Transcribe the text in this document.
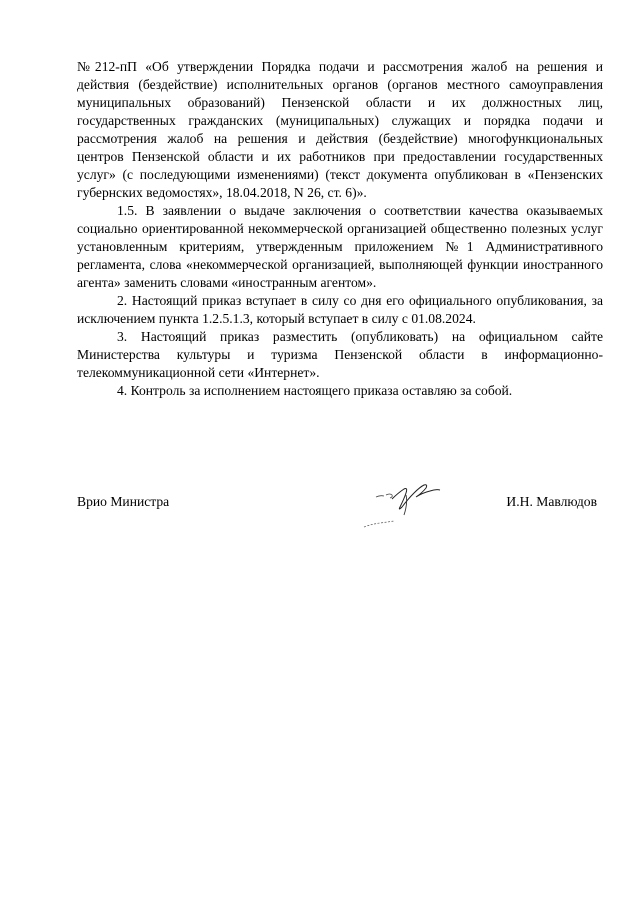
№212-пП «Об утверждении Порядка подачи и рассмотрения жалоб на решения и действия (бездействие) исполнительных органов (органов местного самоуправления муниципальных образований) Пензенской области и их должностных лиц, государственных гражданских (муниципальных) служащих и порядка подачи и рассмотрения жалоб на решения и действия (бездействие) многофункциональных центров Пензенской области и их работников при предоставлении государственных услуг» (с последующими изменениями) (текст документа опубликован в «Пензенских губернских ведомостях», 18.04.2018, N 26, ст. 6)».

1.5. В заявлении о выдаче заключения о соответствии качества оказываемых социально ориентированной некоммерческой организацией общественно полезных услуг установленным критериям, утвержденным приложением №1 Административного регламента, слова «некоммерческой организацией, выполняющей функции иностранного агента» заменить словами «иностранным агентом».

2. Настоящий приказ вступает в силу со дня его официального опубликования, за исключением пункта 1.2.5.1.3, который вступает в силу с 01.08.2024.

3. Настоящий приказ разместить (опубликовать) на официальном сайте Министерства культуры и туризма Пензенской области в информационно-телекоммуникационной сети «Интернет».

4. Контроль за исполнением настоящего приказа оставляю за собой.

Врио Министра	И.Н. Мавлюдов
